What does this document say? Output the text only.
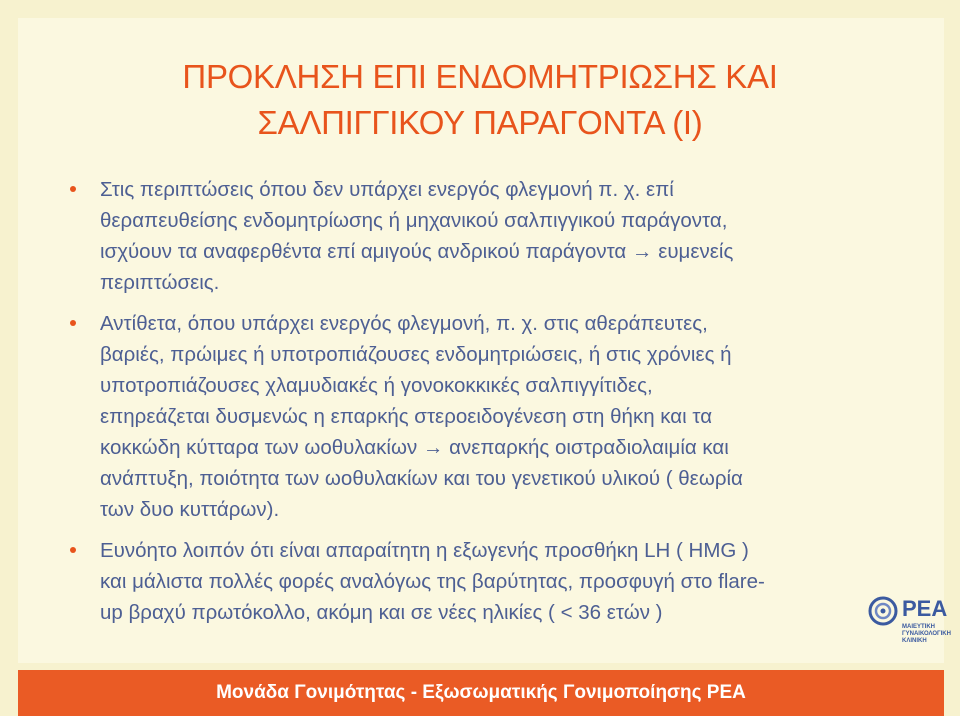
ΠΡΟΚΛΗΣΗ ΕΠΙ ΕΝΔΟΜΗΤΡΙΩΣΗΣ ΚΑΙ
ΣΑΛΠΙΓΓΙΚΟΥ ΠΑΡΑΓΟΝΤΑ (Ι)
Στις περιπτώσεις όπου δεν υπάρχει ενεργός φλεγμονή π. χ. επί
θεραπευθείσης ενδομητρίωσης ή μηχανικού σαλπιγγικού παράγοντα,
ισχύουν τα αναφερθέντα επί αμιγούς ανδρικού παράγοντα → ευμενείς
περιπτώσεις.
Αντίθετα, όπου υπάρχει ενεργός φλεγμονή, π. χ. στις αθεράπευτες,
βαριές, πρώιμες ή υποτροπιάζουσες ενδομητριώσεις, ή στις χρόνιες ή
υποτροπιάζουσες χλαμυδιακές ή γονοκοκκικές σαλπιγγίτιδες,
επηρεάζεται δυσμενώς η επαρκής στεροειδογένεση στη θήκη και τα
κοκκώδη κύτταρα των ωοθυλακίων → ανεπαρκής οιστραδιολαιμία και
ανάπτυξη, ποιότητα των ωοθυλακίων και του γενετικού υλικού ( θεωρία
των δυο κυττάρων).
Ευνόητο λοιπόν ότι είναι απαραίτητη η εξωγενής προσθήκη LH ( HMG )
και μάλιστα πολλές φορές αναλόγως της βαρύτητας, προσφυγή στο flare-
up βραχύ πρωτόκολλο, ακόμη και σε νέες ηλικίες ( < 36 ετών )	ΡΕΑ
ΜΑΙΕΥΤΙΚΗ ΓΥΝΑΙΚΟΛΟΓΙΚΗ ΚΛΙΝΙΚΗ
Μονάδα Γονιμότητας - Εξωσωματικής Γονιμοποίησης ΡΕΑ
